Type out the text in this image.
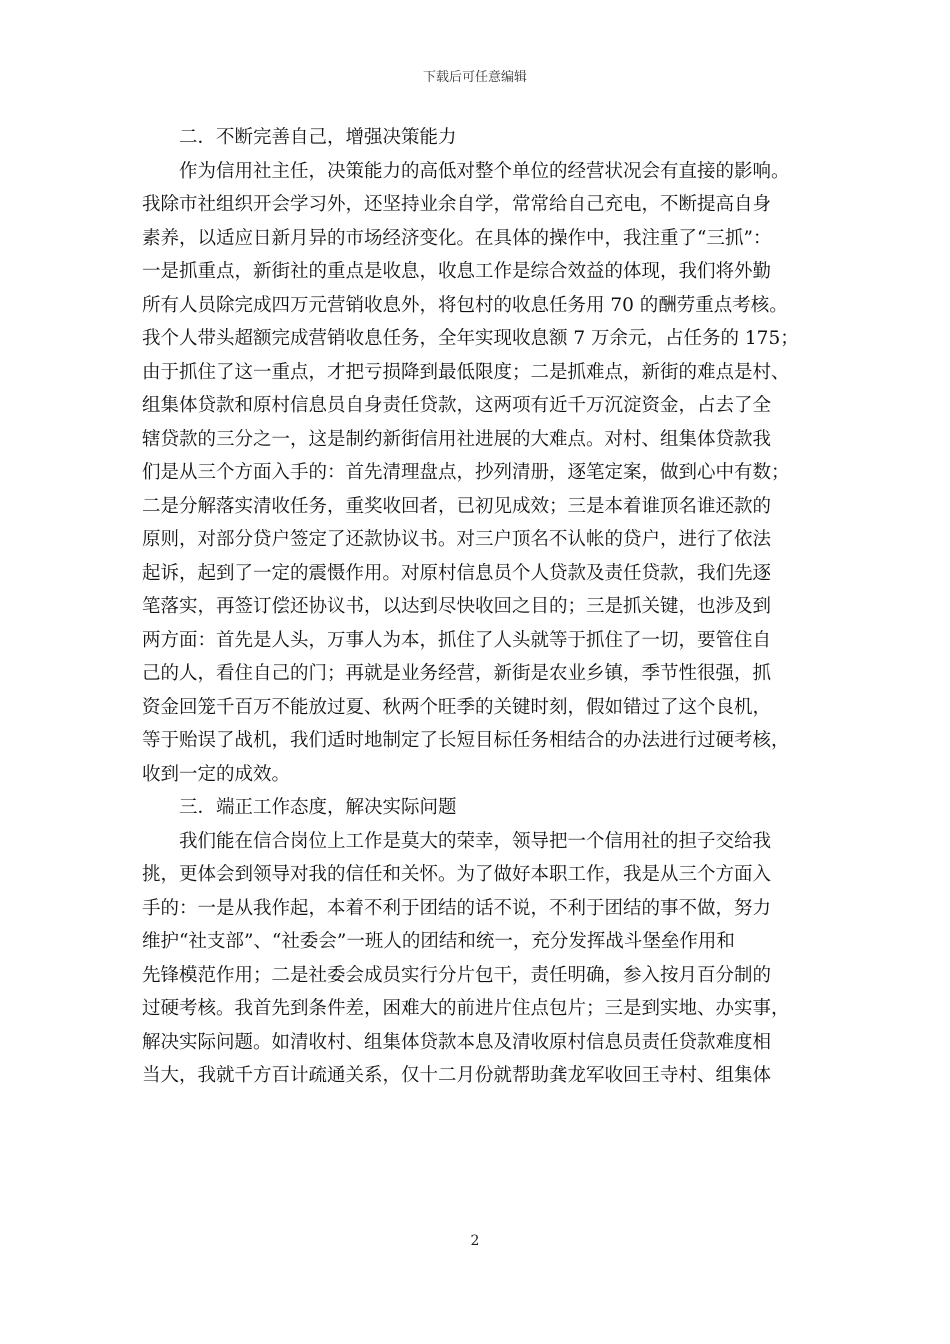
下载后可任意编辑
二．不断完善自己，增强决策能力
作为信用社主任，决策能力的高低对整个单位的经营状况会有直接的影响。
我除市社组织开会学习外，还坚持业余自学，常常给自己充电，不断提高自身
素养，以适应日新月异的市场经济变化。在具体的操作中，我注重了“三抓”：
一是抓重点，新街社的重点是收息，收息工作是综合效益的体现，我们将外勤
所有人员除完成四万元营销收息外，将包村的收息任务用 70 的酬劳重点考核。
我个人带头超额完成营销收息任务，全年实现收息额 7 万余元，占任务的 175；
由于抓住了这一重点，才把亏损降到最低限度；二是抓难点，新街的难点是村、
组集体贷款和原村信息员自身责任贷款，这两项有近千万沉淀资金，占去了全
辖贷款的三分之一，这是制约新街信用社进展的大难点。对村、组集体贷款我
们是从三个方面入手的：首先清理盘点，抄列清册，逐笔定案，做到心中有数；
二是分解落实清收任务，重奖收回者，已初见成效；三是本着谁顶名谁还款的
原则，对部分贷户签定了还款协议书。对三户顶名不认帐的贷户，进行了依法
起诉，起到了一定的震慑作用。对原村信息员个人贷款及责任贷款，我们先逐
笔落实，再签订偿还协议书，以达到尽快收回之目的；三是抓关键，也涉及到
两方面：首先是人头，万事人为本，抓住了人头就等于抓住了一切，要管住自
己的人，看住自己的门；再就是业务经营，新街是农业乡镇，季节性很强，抓
资金回笼千百万不能放过夏、秋两个旺季的关键时刻，假如错过了这个良机，
等于贻误了战机，我们适时地制定了长短目标任务相结合的办法进行过硬考核，
收到一定的成效。
三．端正工作态度，解决实际问题
我们能在信合岗位上工作是莫大的荣幸，领导把一个信用社的担子交给我
挑，更体会到领导对我的信任和关怀。为了做好本职工作，我是从三个方面入
手的：一是从我作起，本着不利于团结的话不说，不利于团结的事不做，努力
维护“社支部”、“社委会”一班人的团结和统一，充分发挥战斗堡垒作用和
先锋模范作用；二是社委会成员实行分片包干，责任明确，参入按月百分制的
过硬考核。我首先到条件差，困难大的前进片住点包片；三是到实地、办实事，
解决实际问题。如清收村、组集体贷款本息及清收原村信息员责任贷款难度相
当大，我就千方百计疏通关系，仅十二月份就帮助龚龙军收回王寺村、组集体
2
